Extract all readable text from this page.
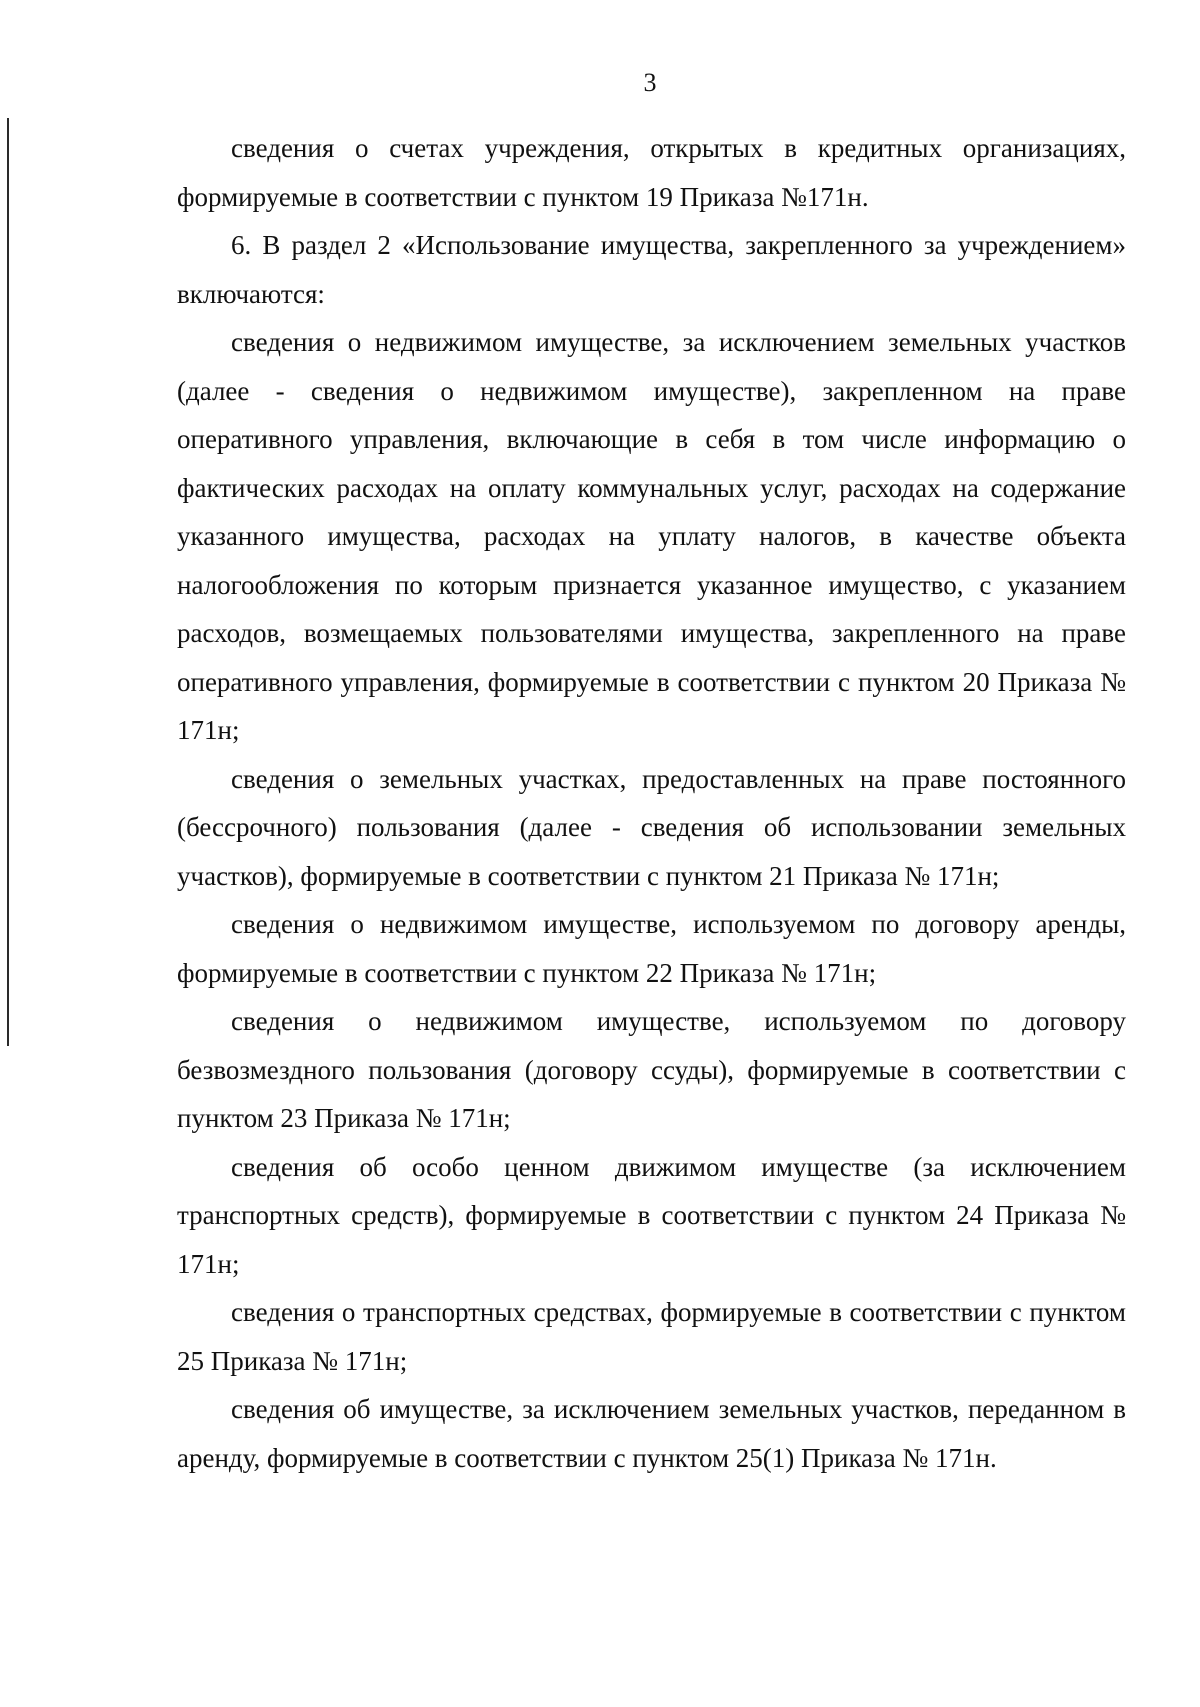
3

сведения о счетах учреждения, открытых в кредитных организациях, формируемые в соответствии с пунктом 19 Приказа №171н.

6. В раздел 2 «Использование имущества, закрепленного за учреждением» включаются:

сведения о недвижимом имуществе, за исключением земельных участков (далее - сведения о недвижимом имуществе), закрепленном на праве оперативного управления, включающие в себя в том числе информацию о фактических расходах на оплату коммунальных услуг, расходах на содержание указанного имущества, расходах на уплату налогов, в качестве объекта налогообложения по которым признается указанное имущество, с указанием расходов, возмещаемых пользователями имущества, закрепленного на праве оперативного управления, формируемые в соответствии с пунктом 20 Приказа № 171н;

сведения о земельных участках, предоставленных на праве постоянного (бессрочного) пользования (далее - сведения об использовании земельных участков), формируемые в соответствии с пунктом 21 Приказа № 171н;

сведения о недвижимом имуществе, используемом по договору аренды, формируемые в соответствии с пунктом 22 Приказа № 171н;

сведения о недвижимом имуществе, используемом по договору безвозмездного пользования (договору ссуды), формируемые в соответствии с пунктом 23 Приказа № 171н;

сведения об особо ценном движимом имуществе (за исключением транспортных средств), формируемые в соответствии с пунктом 24 Приказа № 171н;

сведения о транспортных средствах, формируемые в соответствии с пунктом 25 Приказа № 171н;

сведения об имуществе, за исключением земельных участков, переданном в аренду, формируемые в соответствии с пунктом 25(1) Приказа № 171н.
